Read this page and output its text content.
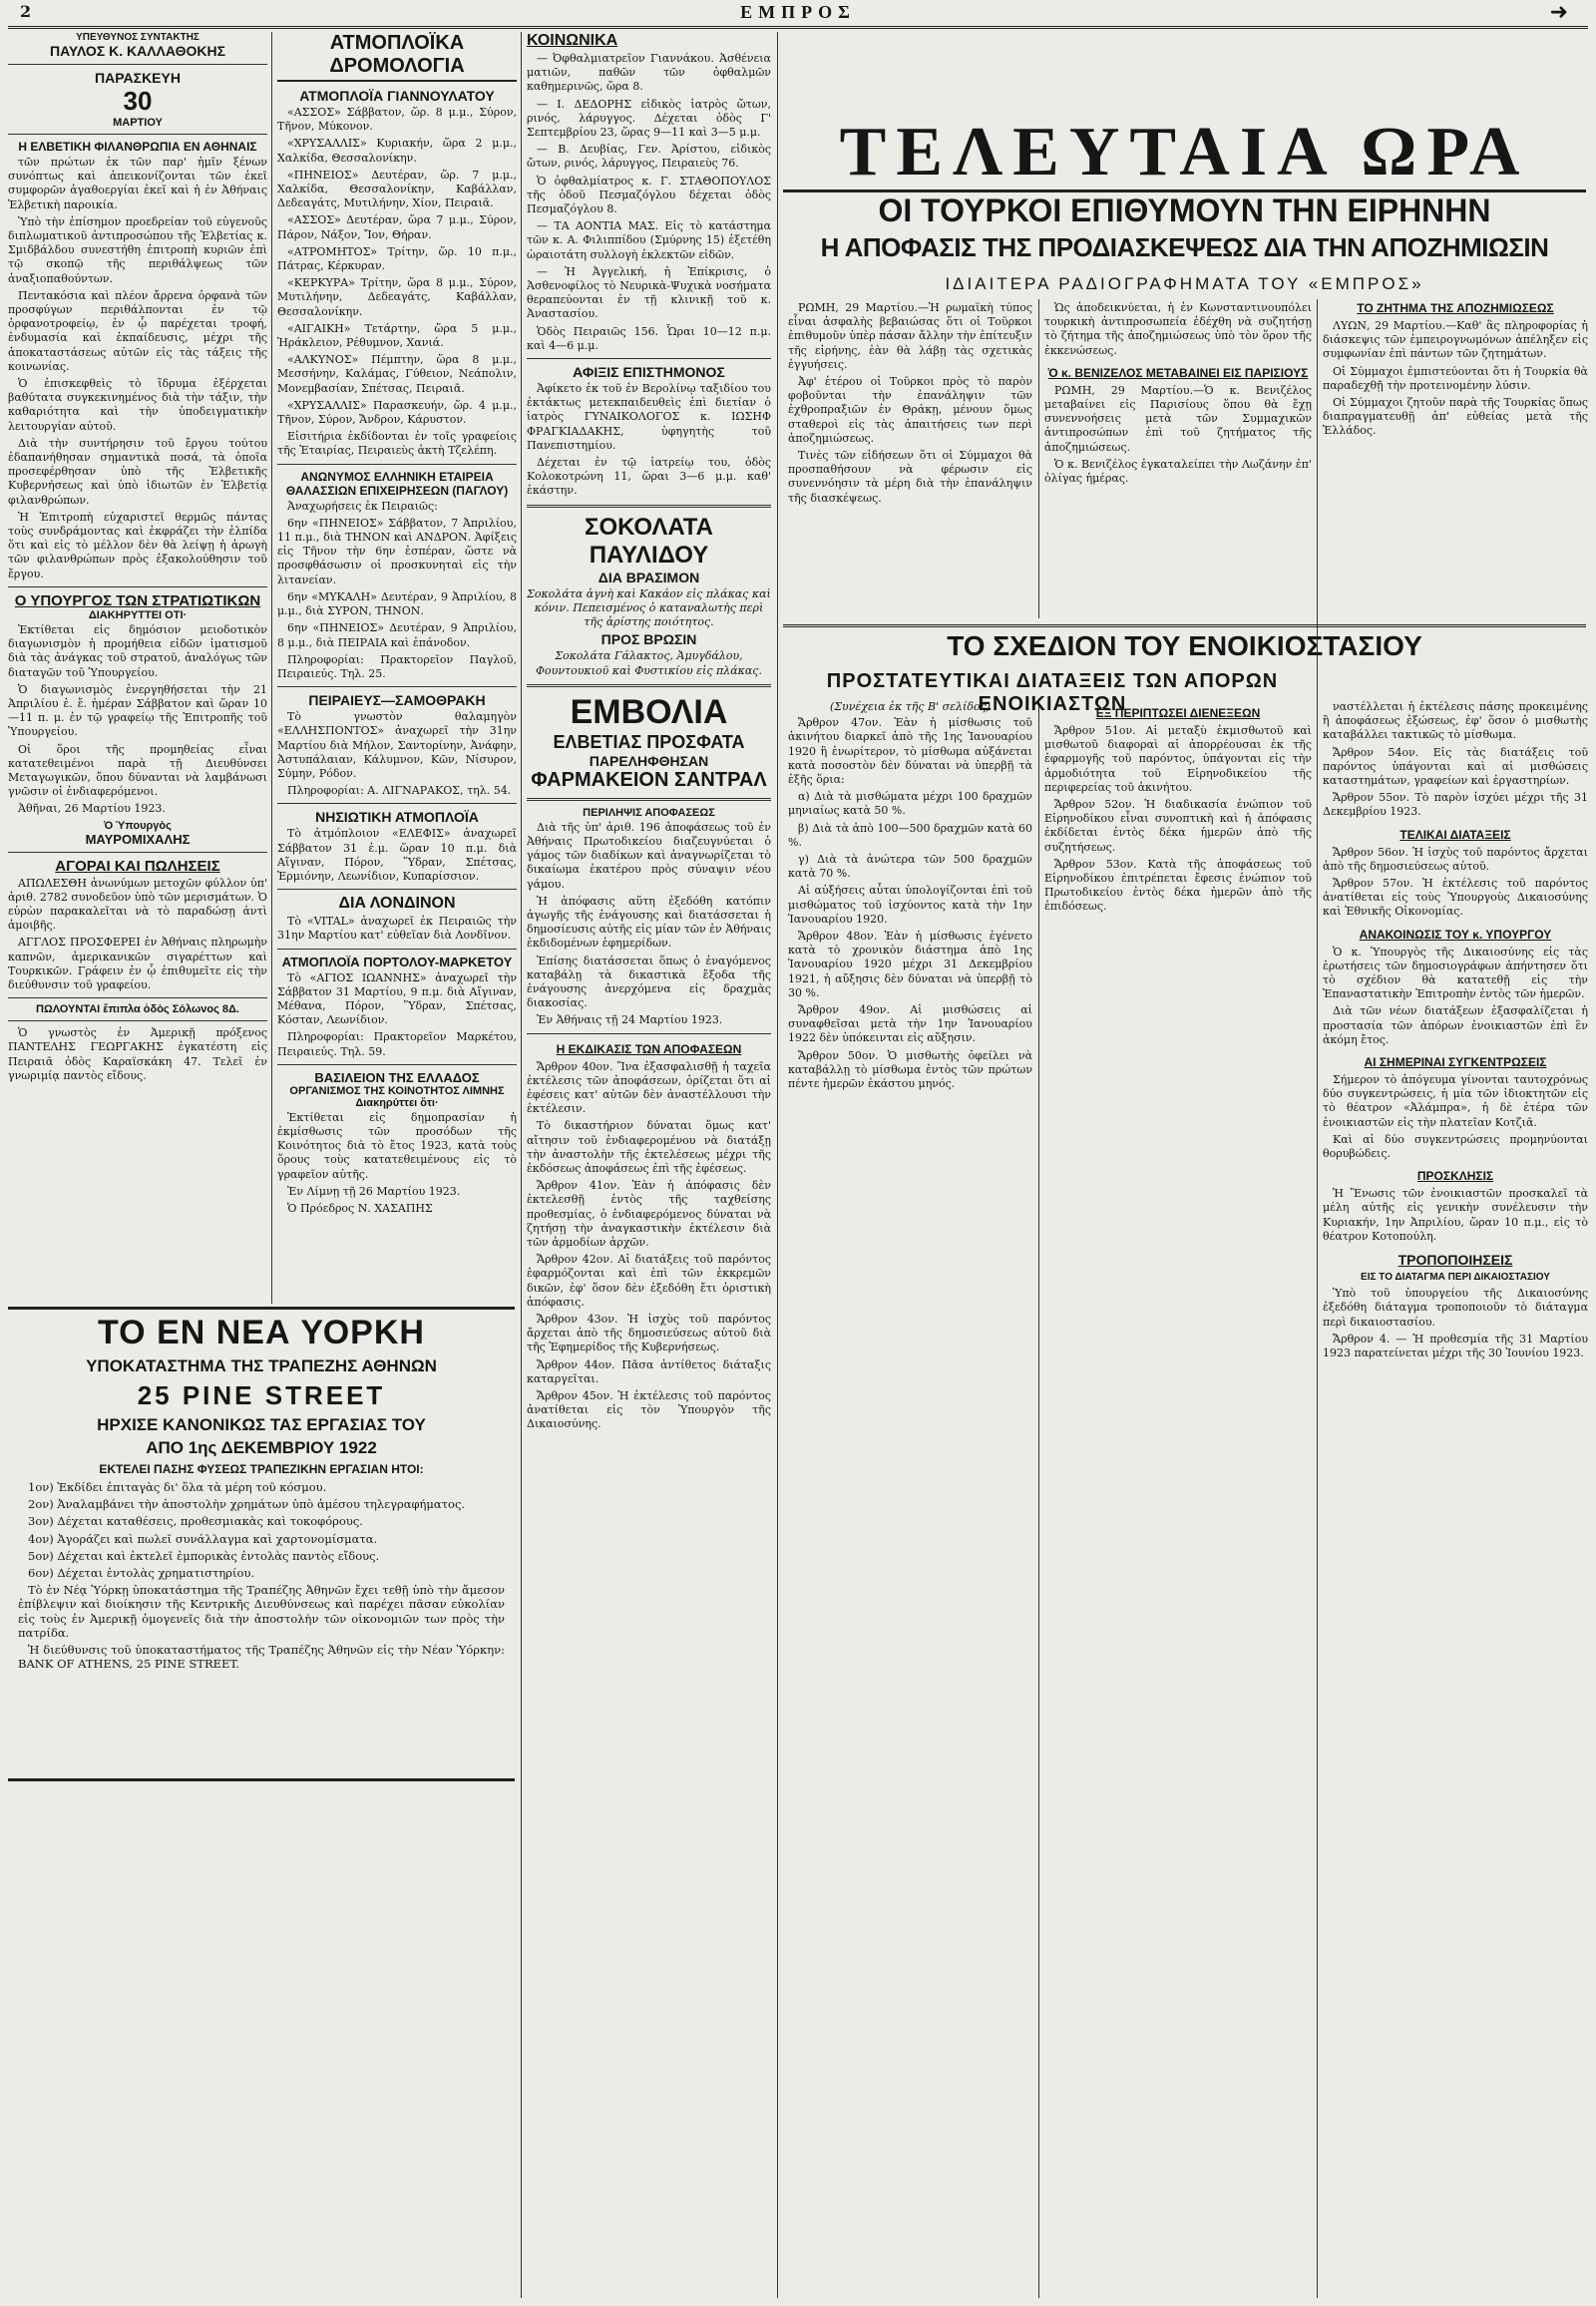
2	ΕΜΠΡΟΣ	➜
ΥΠΕΥΘΥΝΟΣ ΣΥΝΤΑΚΤΗΣ
ΠΑΥΛΟΣ Κ. ΚΑΛΛΑΘΟΚΗΣ
ΠΑΡΑΣΚΕΥΗ
30
ΜΑΡΤΙΟΥ
Η ΕΛΒΕΤΙΚΗ ΦΙΛΑΝΘΡΩΠΙΑ ΕΝ ΑΘΗΝΑΙΣ

τῶν πρώτων ἐκ τῶν παρ' ἡμῖν ξένων συνόπτως καὶ ἀπεικονίζονται τῶν ἐκεῖ συμφορῶν ἀγαθοεργίαι ἐκεῖ καὶ ἡ ἐν Ἀθήναις Ἐλβετικὴ παροικία.

Ὑπὸ τὴν ἐπίσημον προεδρείαν τοῦ εὐγενοῦς διπλωματικοῦ ἀντιπροσώπου τῆς Ἐλβετίας κ. Σμιδβάλδου συνεστήθη ἐπιτροπὴ κυριῶν ἐπὶ τῷ σκοπῷ τῆς περιθάλψεως τῶν ἀναξιοπαθούντων.

Πεντακόσια καὶ πλέον ἄρρενα ὀρφανὰ τῶν προσφύγων περιθάλπονται ἐν τῷ ὀρφανοτροφείῳ, ἐν ᾧ παρέχεται τροφή, ἐνδυμασία καὶ ἐκπαίδευσις, μέχρι τῆς ἀποκαταστάσεως αὐτῶν εἰς τὰς τάξεις τῆς κοινωνίας.

Ὁ ἐπισκεφθεὶς τὸ ἵδρυμα ἐξέρχεται βαθύτατα συγκεκινημένος διὰ τὴν τάξιν, τὴν καθαριότητα καὶ τὴν ὑποδειγματικὴν λειτουργίαν αὐτοῦ.

Διὰ τὴν συντήρησιν τοῦ ἔργου τούτου ἐδαπανήθησαν σημαντικὰ ποσά, τὰ ὁποῖα προσεφέρθησαν ὑπὸ τῆς Ἐλβετικῆς Κυβερνήσεως καὶ ὑπὸ ἰδιωτῶν ἐν Ἐλβετίᾳ φιλανθρώπων.

Ἡ Ἐπιτροπὴ εὐχαριστεῖ θερμῶς πάντας τοὺς συνδράμοντας καὶ ἐκφράζει τὴν ἐλπίδα ὅτι καὶ εἰς τὸ μέλλον δὲν θὰ λείψῃ ἡ ἀρωγὴ τῶν φιλανθρώπων πρὸς ἐξακολούθησιν τοῦ ἔργου.

Ο ΥΠΟΥΡΓΟΣ ΤΩΝ ΣΤΡΑΤΙΩΤΙΚΩΝ
ΔΙΑΚΗΡΥΤΤΕΙ ΟΤΙ·

Ἐκτίθεται εἰς δημόσιον μειοδοτικὸν διαγωνισμὸν ἡ προμήθεια εἰδῶν ἱματισμοῦ διὰ τὰς ἀνάγκας τοῦ στρατοῦ, ἀναλόγως τῶν διαταγῶν τοῦ Ὑπουργείου.

Ὁ διαγωνισμὸς ἐνεργηθήσεται τὴν 21 Ἀπριλίου ἐ. ἔ. ἡμέραν Σάββατον καὶ ὥραν 10—11 π. μ. ἐν τῷ γραφείῳ τῆς Ἐπιτροπῆς τοῦ Ὑπουργείου.

Οἱ ὅροι τῆς προμηθείας εἶναι κατατεθειμένοι παρὰ τῇ Διευθύνσει Μεταγωγικῶν, ὅπου δύνανται νὰ λαμβάνωσι γνῶσιν οἱ ἐνδιαφερόμενοι.

Ἀθῆναι, 26 Μαρτίου 1923.

Ὁ Ὑπουργὸς
ΜΑΥΡΟΜΙΧΑΛΗΣ
ΑΓΟΡΑΙ ΚΑΙ ΠΩΛΗΣΕΙΣ

ΑΠΩΛΕΣΘΗ ἀνωνύμων μετοχῶν φύλλον ὑπ' ἀριθ. 2782 συνοδεῦον ὑπὸ τῶν μερισμάτων. Ὁ εὑρὼν παρακαλεῖται νὰ τὸ παραδώσῃ ἀντὶ ἀμοιβῆς.

ΑΓΓΛΟΣ ΠΡΟΣΦΕΡΕΙ ἐν Ἀθήναις πληρωμὴν καπνῶν, ἀμερικανικῶν σιγαρέττων καὶ Τουρκικῶν. Γράφειν ἐν ᾧ ἐπιθυμεῖτε εἰς τὴν διεύθυνσιν τοῦ γραφείου.

ΠΩΛΟΥΝΤΑΙ ἔπιπλα ὁδὸς Σόλωνος 8Δ.

Ὁ γνωστὸς ἐν Ἀμερικῇ πρόξενος ΠΑΝΤΕΛΗΣ ΓΕΩΡΓΑΚΗΣ ἐγκατέστη εἰς Πειραιᾶ ὁδὸς Καραϊσκάκη 47. Τελεῖ ἐν γνωριμίᾳ παντὸς εἴδους.

ΑΤΜΟΠΛΟΪΚΑ ΔΡΟΜΟΛΟΓΙΑ
ΑΤΜΟΠΛΟΪΑ ΓΙΑΝΝΟΥΛΑΤΟΥ

«ΑΣΣΟΣ» Σάββατον, ὥρ. 8 μ.μ., Σύρον, Τῆνον, Μύκονον.

«ΧΡΥΣΑΛΛΙΣ» Κυριακήν, ὥρα 2 μ.μ., Χαλκίδα, Θεσσαλονίκην.

«ΠΗΝΕΙΟΣ» Δευτέραν, ὥρ. 7 μ.μ., Χαλκίδα, Θεσσαλονίκην, Καβάλλαν, Δεδεαγάτς, Μυτιλήνην, Χίον, Πειραιᾶ.

«ΑΣΣΟΣ» Δευτέραν, ὥρα 7 μ.μ., Σύρον, Πάρον, Νάξον, Ἴον, Θήραν.

«ΑΤΡΟΜΗΤΟΣ» Τρίτην, ὥρ. 10 π.μ., Πάτρας, Κέρκυραν.

«ΚΕΡΚΥΡΑ» Τρίτην, ὥρα 8 μ.μ., Σύρον, Μυτιλήνην, Δεδεαγάτς, Καβάλλαν, Θεσσαλονίκην.

«ΑΙΓΑΙΚΗ» Τετάρτην, ὥρα 5 μ.μ., Ἡράκλειον, Ρέθυμνον, Χανιά.

«ΑΛΚΥΝΟΣ» Πέμπτην, ὥρα 8 μ.μ., Μεσσήνην, Καλάμας, Γύθειον, Νεάπολιν, Μονεμβασίαν, Σπέτσας, Πειραιᾶ.

«ΧΡΥΣΑΛΛΙΣ» Παρασκευήν, ὥρ. 4 μ.μ., Τῆνον, Σύρον, Ἄνδρον, Κάρυστον.

Εἰσιτήρια ἐκδίδονται ἐν τοῖς γραφείοις τῆς Ἑταιρίας, Πειραιεὺς ἀκτὴ Τζελέπη.

ΑΝΩΝΥΜΟΣ ΕΛΛΗΝΙΚΗ ΕΤΑΙΡΕΙΑ ΘΑΛΑΣΣΙΩΝ ΕΠΙΧΕΙΡΗΣΕΩΝ (ΠΑΓΛΟΥ)

Ἀναχωρήσεις ἐκ Πειραιῶς:

6ην «ΠΗΝΕΙΟΣ» Σάββατον, 7 Ἀπριλίου, 11 π.μ., διὰ ΤΗΝΟΝ καὶ ΑΝΔΡΟΝ. Ἀφίξεις εἰς Τῆνον τὴν 6ην ἑσπέραν, ὥστε νὰ προσφθάσωσιν οἱ προσκυνηταὶ εἰς τὴν λιτανείαν.

6ην «ΜΥΚΑΛΗ» Δευτέραν, 9 Ἀπριλίου, 8 μ.μ., διὰ ΣΥΡΟΝ, ΤΗΝΟΝ.

6ην «ΠΗΝΕΙΟΣ» Δευτέραν, 9 Ἀπριλίου, 8 μ.μ., διὰ ΠΕΙΡΑΙΑ καὶ ἐπάνοδον.

Πληροφορίαι: Πρακτορεῖον Παγλοῦ, Πειραιεύς. Τηλ. 25.

ΠΕΙΡΑΙΕΥΣ—ΣΑΜΟΘΡΑΚΗ

Τὸ γνωστὸν θαλαμηγὸν «ΕΛΛΗΣΠΟΝΤΟΣ» ἀναχωρεῖ τὴν 31ην Μαρτίου διὰ Μήλον, Σαντορίνην, Ἀνάφην, Ἀστυπάλαιαν, Κάλυμνον, Κῶν, Νίσυρον, Σύμην, Ρόδον.

Πληροφορίαι: Α. ΛΙΓΝΑΡΑΚΟΣ, τηλ. 54.

ΝΗΣΙΩΤΙΚΗ ΑΤΜΟΠΛΟΪΑ

Τὸ ἀτμόπλοιον «ΕΛΕΦΙΣ» ἀναχωρεῖ Σάββατον 31 ἐ.μ. ὥραν 10 π.μ. διὰ Αἴγιναν, Πόρον, Ὕδραν, Σπέτσας, Ἑρμιόνην, Λεωνίδιον, Κυπαρίσσιον.

ΔΙΑ ΛΟΝΔΙΝΟΝ

Τὸ «VITAL» ἀναχωρεῖ ἐκ Πειραιῶς τὴν 31ην Μαρτίου κατ' εὐθεῖαν διὰ Λονδῖνον.

ΑΤΜΟΠΛΟΪΑ ΠΟΡΤΟΛΟΥ-ΜΑΡΚΕΤΟΥ

Τὸ «ΑΓΙΟΣ ΙΩΑΝΝΗΣ» ἀναχωρεῖ τὴν Σάββατον 31 Μαρτίου, 9 π.μ. διὰ Αἴγιναν, Μέθανα, Πόρον, Ὕδραν, Σπέτσας, Κόσταν, Λεωνίδιον.

Πληροφορίαι: Πρακτορεῖον Μαρκέτου, Πειραιεύς. Τηλ. 59.

ΒΑΣΙΛΕΙΟΝ ΤΗΣ ΕΛΛΑΔΟΣ
ΟΡΓΑΝΙΣΜΟΣ ΤΗΣ ΚΟΙΝΟΤΗΤΟΣ ΛΙΜΝΗΣ
Διακηρύττει ὅτι·

Ἐκτίθεται εἰς δημοπρασίαν ἡ ἐκμίσθωσις τῶν προσόδων τῆς Κοινότητος διὰ τὸ ἔτος 1923, κατὰ τοὺς ὅρους τοὺς κατατεθειμένους εἰς τὸ γραφεῖον αὐτῆς.

Ἐν Λίμνῃ τῇ 26 Μαρτίου 1923.

Ὁ Πρόεδρος Ν. ΧΑΣΑΠΗΣ

ΤΟ ΕΝ ΝΕΑ ΥΟΡΚΗ
ΥΠΟΚΑΤΑΣΤΗΜΑ ΤΗΣ ΤΡΑΠΕΖΗΣ ΑΘΗΝΩΝ
25 PINE STREET
ΗΡΧΙΣΕ ΚΑΝΟΝΙΚΩΣ ΤΑΣ ΕΡΓΑΣΙΑΣ ΤΟΥ
ΑΠΟ 1ης ΔΕΚΕΜΒΡΙΟΥ 1922
ΕΚΤΕΛΕΙ ΠΑΣΗΣ ΦΥΣΕΩΣ ΤΡΑΠΕΖΙΚΗΝ ΕΡΓΑΣΙΑΝ ΗΤΟΙ:

1ον) Ἐκδίδει ἐπιταγὰς δι' ὅλα τὰ μέρη τοῦ κόσμου.

2ον) Ἀναλαμβάνει τὴν ἀποστολὴν χρημάτων ὑπὸ ἀμέσου τηλεγραφήματος.

3ον) Δέχεται καταθέσεις, προθεσμιακὰς καὶ τοκοφόρους.

4ον) Ἀγοράζει καὶ πωλεῖ συνάλλαγμα καὶ χαρτονομίσματα.

5ον) Δέχεται καὶ ἐκτελεῖ ἐμπορικὰς ἐντολὰς παντὸς εἴδους.

6ον) Δέχεται ἐντολὰς χρηματιστηρίου.

Τὸ ἐν Νέᾳ Ὑόρκῃ ὑποκατάστημα τῆς Τραπέζης Ἀθηνῶν ἔχει τεθῇ ὑπὸ τὴν ἄμεσον ἐπίβλεψιν καὶ διοίκησιν τῆς Κεντρικῆς Διευθύνσεως καὶ παρέχει πᾶσαν εὐκολίαν εἰς τοὺς ἐν Ἀμερικῇ ὁμογενεῖς διὰ τὴν ἀποστολὴν τῶν οἰκονομιῶν των πρὸς τὴν πατρίδα.

Ἡ διεύθυνσις τοῦ ὑποκαταστήματος τῆς Τραπέζης Ἀθηνῶν εἰς τὴν Νέαν Ὑόρκην: BANK OF ATHENS, 25 PINE STREET.

ΚΟΙΝΩΝΙΚΑ

— Ὀφθαλμιατρεῖον Γιαννάκου. Ἀσθένεια ματιῶν, παθῶν τῶν ὀφθαλμῶν καθημερινῶς, ὥρα 8.

— Ι. ΔΕΔΟΡΗΣ εἰδικὸς ἰατρὸς ὤτων, ρινός, λάρυγγος. Δέχεται ὁδὸς Γ' Σεπτεμβρίου 23, ὥρας 9—11 καὶ 3—5 μ.μ.

— Β. Δευβίας, Γεν. Ἀρίστου, εἰδικὸς ὤτων, ρινός, λάρυγγος, Πειραιεὺς 76.

Ὁ ὀφθαλμίατρος κ. Γ. ΣΤΑΘΟΠΟΥΛΟΣ τῆς ὁδοῦ Πεσμαζόγλου δέχεται ὁδὸς Πεσμαζόγλου 8.

— ΤΑ ΑΟΝΤΙΑ ΜΑΣ. Εἰς τὸ κατάστημα τῶν κ. Α. Φιλιππίδου (Σμύρνης 15) ἐξετέθη ὡραιοτάτη συλλογὴ ἐκλεκτῶν εἰδῶν.

— Ἡ Ἀγγελική, ἡ Ἐπίκρισις, ὁ Ἀσθενοφίλος τὸ Νευρικὰ-Ψυχικὰ νοσήματα θεραπεύονται ἐν τῇ κλινικῇ τοῦ κ. Ἀναστασίου.

Ὁδὸς Πειραιῶς 156. Ὧραι 10—12 π.μ. καὶ 4—6 μ.μ.

ΑΦΙΞΙΣ ΕΠΙΣΤΗΜΟΝΟΣ

Ἀφίκετο ἐκ τοῦ ἐν Βερολίνῳ ταξιδίου του ἐκτάκτως μετεκπαιδευθεὶς ἐπὶ διετίαν ὁ ἰατρὸς ΓΥΝΑΙΚΟΛΟΓΟΣ κ. ΙΩΣΗΦ ΦΡΑΓΚΙΑΔΑΚΗΣ, ὑφηγητὴς τοῦ Πανεπιστημίου.

Δέχεται ἐν τῷ ἰατρείῳ του, ὁδὸς Κολοκοτρώνη 11, ὥραι 3—6 μ.μ. καθ' ἑκάστην.

ΣΟΚΟΛΑΤΑ ΠΑΥΛΙΔΟΥ
ΔΙΑ ΒΡΑΣΙΜΟΝ
Σοκολάτα ἀγνὴ καὶ Κακάον εἰς πλάκας καὶ κόνιν. Πεπεισμένος ὁ καταναλωτὴς περὶ τῆς ἀρίστης ποιότητος.
ΠΡΟΣ ΒΡΩΣΙΝ
Σοκολάτα Γάλακτος, Ἀμυγδάλου, Φουντουκιοῦ καὶ Φυστικίου εἰς πλάκας.
ΕΜΒΟΛΙΑ
ΕΛΒΕΤΙΑΣ ΠΡΟΣΦΑΤΑ
ΠΑΡΕΛΗΦΘΗΣΑΝ
ΦΑΡΜΑΚΕΙΟΝ ΣΑΝΤΡΑΛ
ΠΕΡΙΛΗΨΙΣ ΑΠΟΦΑΣΕΩΣ

Διὰ τῆς ὑπ' ἀριθ. 196 ἀποφάσεως τοῦ ἐν Ἀθήναις Πρωτοδικείου διαζευγνύεται ὁ γάμος τῶν διαδίκων καὶ ἀναγνωρίζεται τὸ δικαίωμα ἑκατέρου πρὸς σύναψιν νέου γάμου.

Ἡ ἀπόφασις αὕτη ἐξεδόθη κατόπιν ἀγωγῆς τῆς ἐνάγουσης καὶ διατάσσεται ἡ δημοσίευσις αὐτῆς εἰς μίαν τῶν ἐν Ἀθήναις ἐκδιδομένων ἐφημερίδων.

Ἐπίσης διατάσσεται ὅπως ὁ ἐναγόμενος καταβάλῃ τὰ δικαστικὰ ἔξοδα τῆς ἐνάγουσης ἀνερχόμενα εἰς δραχμὰς διακοσίας.

Ἐν Ἀθήναις τῇ 24 Μαρτίου 1923.

Η ΕΚΔΙΚΑΣΙΣ ΤΩΝ ΑΠΟΦΑΣΕΩΝ

Ἄρθρον 40ον. Ἵνα ἐξασφαλισθῇ ἡ ταχεῖα ἐκτέλεσις τῶν ἀποφάσεων, ὁρίζεται ὅτι αἱ ἐφέσεις κατ' αὐτῶν δὲν ἀναστέλλουσι τὴν ἐκτέλεσιν.

Τὸ δικαστήριον δύναται ὅμως κατ' αἴτησιν τοῦ ἐνδιαφερομένου νὰ διατάξῃ τὴν ἀναστολὴν τῆς ἐκτελέσεως μέχρι τῆς ἐκδόσεως ἀποφάσεως ἐπὶ τῆς ἐφέσεως.

Ἄρθρον 41ον. Ἐὰν ἡ ἀπόφασις δὲν ἐκτελεσθῇ ἐντὸς τῆς ταχθείσης προθεσμίας, ὁ ἐνδιαφερόμενος δύναται νὰ ζητήσῃ τὴν ἀναγκαστικὴν ἐκτέλεσιν διὰ τῶν ἁρμοδίων ἀρχῶν.

Ἄρθρον 42ον. Αἱ διατάξεις τοῦ παρόντος ἐφαρμόζονται καὶ ἐπὶ τῶν ἐκκρεμῶν δικῶν, ἐφ' ὅσον δὲν ἐξεδόθη ἔτι ὁριστικὴ ἀπόφασις.

Ἄρθρον 43ον. Ἡ ἰσχὺς τοῦ παρόντος ἄρχεται ἀπὸ τῆς δημοσιεύσεως αὐτοῦ διὰ τῆς Ἐφημερίδος τῆς Κυβερνήσεως.

Ἄρθρον 44ον. Πᾶσα ἀντίθετος διάταξις καταργεῖται.

Ἄρθρον 45ον. Ἡ ἐκτέλεσις τοῦ παρόντος ἀνατίθεται εἰς τὸν Ὑπουργὸν τῆς Δικαιοσύνης.

ΤΕΛΕΥΤΑΙΑ ΩΡΑ
ΟΙ ΤΟΥΡΚΟΙ ΕΠΙΘΥΜΟΥΝ ΤΗΝ ΕΙΡΗΝΗΝ
Η ΑΠΟΦΑΣΙΣ ΤΗΣ ΠΡΟΔΙΑΣΚΕΨΕΩΣ ΔΙΑ ΤΗΝ ΑΠΟΖΗΜΙΩΣΙΝ
ΙΔΙΑΙΤΕΡΑ ΡΑΔΙΟΓΡΑΦΗΜΑΤΑ ΤΟΥ «ΕΜΠΡΟΣ»

ΡΩΜΗ, 29 Μαρτίου.—Ἡ ρωμαϊκὴ τύπος εἶναι ἀσφαλὴς βεβαιώσας ὅτι οἱ Τοῦρκοι ἐπιθυμοῦν ὑπὲρ πάσαν ἄλλην τὴν ἐπίτευξιν τῆς εἰρήνης, ἐὰν θὰ λάβῃ τὰς σχετικὰς ἐγγυήσεις.

Ἀφ' ἑτέρου οἱ Τοῦρκοι πρὸς τὸ παρὸν φοβοῦνται τὴν ἐπανάληψιν τῶν ἐχθροπραξιῶν ἐν Θράκῃ, μένουν ὅμως σταθεροὶ εἰς τὰς ἀπαιτήσεις των περὶ ἀποζημιώσεως.

Τινὲς τῶν εἰδήσεων ὅτι οἱ Σύμμαχοι θὰ προσπαθήσουν νὰ φέρωσιν εἰς συνεννόησιν τὰ μέρη διὰ τὴν ἐπανάληψιν τῆς διασκέψεως.

Ὡς ἀποδεικνύεται, ἡ ἐν Κωνσταντινουπόλει τουρκικὴ ἀντιπροσωπεία ἐδέχθη νὰ συζητήσῃ τὸ ζήτημα τῆς ἀποζημιώσεως ὑπὸ τὸν ὅρον τῆς ἐκκενώσεως.

Ὁ κ. ΒΕΝΙΖΕΛΟΣ ΜΕΤΑΒΑΙΝΕΙ ΕΙΣ ΠΑΡΙΣΙΟΥΣ

ΡΩΜΗ, 29 Μαρτίου.—Ὁ κ. Βενιζέλος μεταβαίνει εἰς Παρισίους ὅπου θὰ ἔχῃ συνεννοήσεις μετὰ τῶν Συμμαχικῶν ἀντιπροσώπων ἐπὶ τοῦ ζητήματος τῆς ἀποζημιώσεως.

Ὁ κ. Βενιζέλος ἐγκαταλείπει τὴν Λωζάνην ἐπ' ὀλίγας ἡμέρας.

ΤΟ ΖΗΤΗΜΑ ΤΗΣ ΑΠΟΖΗΜΙΩΣΕΩΣ

ΛΥΩΝ, 29 Μαρτίου.—Καθ' ἃς πληροφορίας ἡ διάσκεψις τῶν ἐμπειρογνωμόνων ἀπέληξεν εἰς συμφωνίαν ἐπὶ πάντων τῶν ζητημάτων.

Οἱ Σύμμαχοι ἐμπιστεύονται ὅτι ἡ Τουρκία θὰ παραδεχθῇ τὴν προτεινομένην λύσιν.

Οἱ Σύμμαχοι ζητοῦν παρὰ τῆς Τουρκίας ὅπως διαπραγματευθῇ ἀπ' εὐθείας μετὰ τῆς Ἑλλάδος.

ΤΟ ΣΧΕΔΙΟΝ ΤΟΥ ΕΝΟΙΚΙΟΣΤΑΣΙΟΥ
ΠΡΟΣΤΑΤΕΥΤΙΚΑΙ ΔΙΑΤΑΞΕΙΣ ΤΩΝ ΑΠΟΡΩΝ ΕΝΟΙΚΙΑΣΤΩΝ
(Συνέχεια ἐκ τῆς Β' σελίδος)

Ἄρθρον 47ον. Ἐὰν ἡ μίσθωσις τοῦ ἀκινήτου διαρκεῖ ἀπὸ τῆς 1ης Ἰανουαρίου 1920 ἢ ἐνωρίτερον, τὸ μίσθωμα αὐξάνεται κατὰ ποσοστὸν δὲν δύναται νὰ ὑπερβῇ τὰ ἑξῆς ὅρια:

α) Διὰ τὰ μισθώματα μέχρι 100 δραχμῶν μηνιαίως κατὰ 50 %.

β) Διὰ τὰ ἀπὸ 100—500 δραχμῶν κατὰ 60 %.

γ) Διὰ τὰ ἀνώτερα τῶν 500 δραχμῶν κατὰ 70 %.

Αἱ αὐξήσεις αὗται ὑπολογίζονται ἐπὶ τοῦ μισθώματος τοῦ ἰσχύοντος κατὰ τὴν 1ην Ἰανουαρίου 1920.

Ἄρθρον 48ον. Ἐὰν ἡ μίσθωσις ἐγένετο κατὰ τὸ χρονικὸν διάστημα ἀπὸ 1ης Ἰανουαρίου 1920 μέχρι 31 Δεκεμβρίου 1921, ἡ αὔξησις δὲν δύναται νὰ ὑπερβῇ τὸ 30 %.

Ἄρθρον 49ον. Αἱ μισθώσεις αἱ συναφθεῖσαι μετὰ τὴν 1ην Ἰανουαρίου 1922 δὲν ὑπόκεινται εἰς αὔξησιν.

Ἄρθρον 50ον. Ὁ μισθωτὴς ὀφείλει νὰ καταβάλλῃ τὸ μίσθωμα ἐντὸς τῶν πρώτων πέντε ἡμερῶν ἑκάστου μηνός.

ΕΞ ΠΕΡΙΠΤΩΣΕΙ ΔΙΕΝΕΞΕΩΝ

Ἄρθρον 51ον. Αἱ μεταξὺ ἐκμισθωτοῦ καὶ μισθωτοῦ διαφοραὶ αἱ ἀπορρέουσαι ἐκ τῆς ἐφαρμογῆς τοῦ παρόντος, ὑπάγονται εἰς τὴν ἁρμοδιότητα τοῦ Εἰρηνοδικείου τῆς περιφερείας τοῦ ἀκινήτου.

Ἄρθρον 52ον. Ἡ διαδικασία ἐνώπιον τοῦ Εἰρηνοδίκου εἶναι συνοπτικὴ καὶ ἡ ἀπόφασις ἐκδίδεται ἐντὸς δέκα ἡμερῶν ἀπὸ τῆς συζητήσεως.

Ἄρθρον 53ον. Κατὰ τῆς ἀποφάσεως τοῦ Εἰρηνοδίκου ἐπιτρέπεται ἔφεσις ἐνώπιον τοῦ Πρωτοδικείου ἐντὸς δέκα ἡμερῶν ἀπὸ τῆς ἐπιδόσεως.

ναστέλλεται ἡ ἐκτέλεσις πάσης προκειμένης ἢ ἀποφάσεως ἐξώσεως, ἐφ' ὅσον ὁ μισθωτὴς καταβάλλει τακτικῶς τὸ μίσθωμα.

Ἄρθρον 54ον. Εἰς τὰς διατάξεις τοῦ παρόντος ὑπάγονται καὶ αἱ μισθώσεις καταστημάτων, γραφείων καὶ ἐργαστηρίων.

Ἄρθρον 55ον. Τὸ παρὸν ἰσχύει μέχρι τῆς 31 Δεκεμβρίου 1923.

ΤΕΛΙΚΑΙ ΔΙΑΤΑΞΕΙΣ

Ἄρθρον 56ον. Ἡ ἰσχὺς τοῦ παρόντος ἄρχεται ἀπὸ τῆς δημοσιεύσεως αὐτοῦ.

Ἄρθρον 57ον. Ἡ ἐκτέλεσις τοῦ παρόντος ἀνατίθεται εἰς τοὺς Ὑπουργοὺς Δικαιοσύνης καὶ Ἐθνικῆς Οἰκονομίας.

ΑΝΑΚΟΙΝΩΣΙΣ ΤΟΥ κ. ΥΠΟΥΡΓΟΥ

Ὁ κ. Ὑπουργὸς τῆς Δικαιοσύνης εἰς τὰς ἐρωτήσεις τῶν δημοσιογράφων ἀπήντησεν ὅτι τὸ σχέδιον θὰ κατατεθῇ εἰς τὴν Ἐπαναστατικὴν Ἐπιτροπὴν ἐντὸς τῶν ἡμερῶν.

Διὰ τῶν νέων διατάξεων ἐξασφαλίζεται ἡ προστασία τῶν ἀπόρων ἐνοικιαστῶν ἐπὶ ἓν ἀκόμη ἔτος.

ΑΙ ΣΗΜΕΡΙΝΑΙ ΣΥΓΚΕΝΤΡΩΣΕΙΣ

Σήμερον τὸ ἀπόγευμα γίνονται ταυτοχρόνως δύο συγκεντρώσεις, ἡ μία τῶν ἰδιοκτητῶν εἰς τὸ θέατρον «Ἀλάμπρα», ἡ δὲ ἑτέρα τῶν ἐνοικιαστῶν εἰς τὴν πλατεῖαν Κοτζιᾶ.

Καὶ αἱ δύο συγκεντρώσεις προμηνύονται θορυβώδεις.

ΠΡΟΣΚΛΗΣΙΣ

Ἡ Ἕνωσις τῶν ἐνοικιαστῶν προσκαλεῖ τὰ μέλη αὐτῆς εἰς γενικὴν συνέλευσιν τὴν Κυριακήν, 1ην Ἀπριλίου, ὥραν 10 π.μ., εἰς τὸ θέατρον Κοτοπούλη.

ΤΡΟΠΟΠΟΙΗΣΕΙΣ
ΕΙΣ ΤΟ ΔΙΑΤΑΓΜΑ ΠΕΡΙ ΔΙΚΑΙΟΣΤΑΣΙΟΥ

Ὑπὸ τοῦ ὑπουργείου τῆς Δικαιοσύνης ἐξεδόθη διάταγμα τροποποιοῦν τὸ διάταγμα περὶ δικαιοστασίου.

Ἄρθρον 4. — Ἡ προθεσμία τῆς 31 Μαρτίου 1923 παρατείνεται μέχρι τῆς 30 Ἰουνίου 1923.
